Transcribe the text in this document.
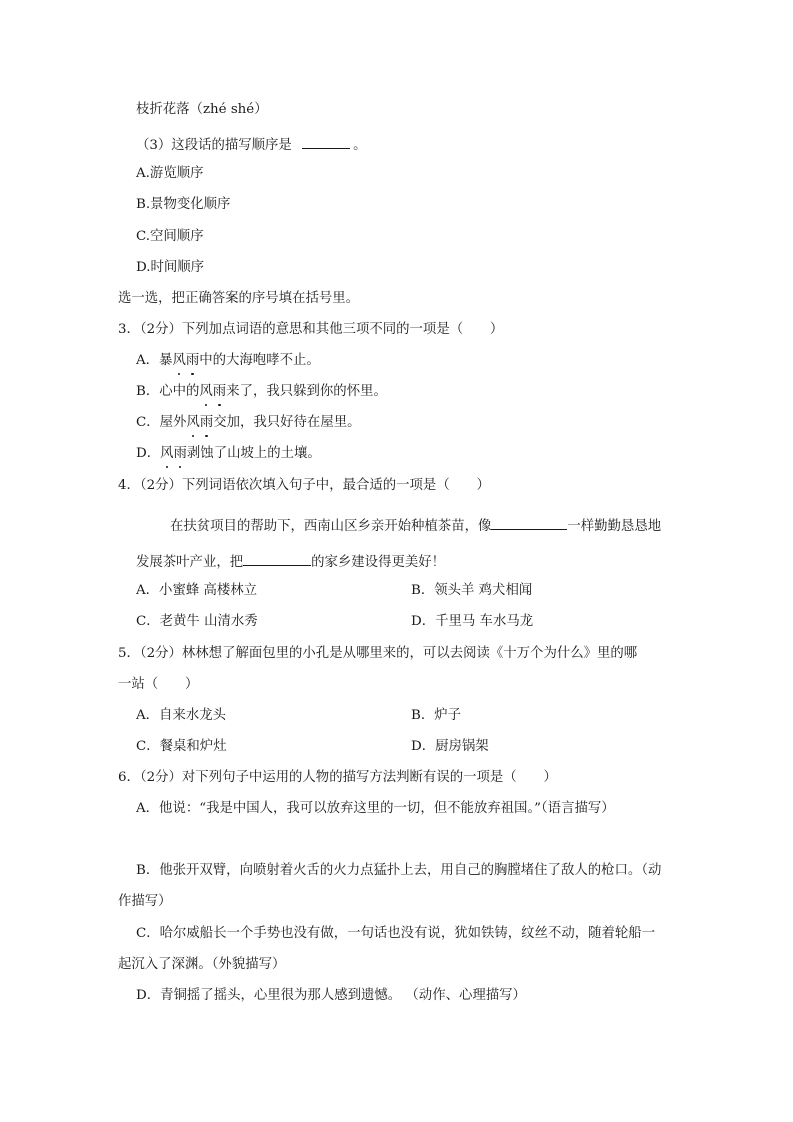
枝折花落（zhé shé）
（3）这段话的描写顺序是	。
A.游览顺序
B.景物变化顺序
C.空间顺序
D.时间顺序
选一选，把正确答案的序号填在括号里。
3．（2分）下列加点词语的意思和其他三项不同的一项是（　　）
A．暴风雨中的大海咆哮不止。
B．心中的风雨来了，我只躲到你的怀里。
C．屋外风雨交加，我只好待在屋里。
D．风雨剥蚀了山坡上的土壤。
4．（2分）下列词语依次填入句子中，最合适的一项是（　　）
在扶贫项目的帮助下，西南山区乡亲开始种植茶苗，像	一样勤勤恳恳地
发展茶叶产业，把	的家乡建设得更美好！
A．小蜜蜂 高楼林立	B．领头羊 鸡犬相闻
C．老黄牛 山清水秀	D．千里马 车水马龙
5．（2分）林林想了解面包里的小孔是从哪里来的，可以去阅读《十万个为什么》里的哪
一站（　　）
A．自来水龙头	B．炉子
C．餐桌和炉灶	D．厨房锅架
6．（2分）对下列句子中运用的人物的描写方法判断有误的一项是（　　）
A．他说：“我是中国人，我可以放弃这里的一切，但不能放弃祖国。”（语言描写）
B．他张开双臂，向喷射着火舌的火力点猛扑上去，用自己的胸膛堵住了敌人的枪口。（动
作描写）
C．哈尔威船长一个手势也没有做，一句话也没有说，犹如铁铸，纹丝不动，随着轮船一
起沉入了深渊。（外貌描写）
D．青铜摇了摇头，心里很为那人感到遗憾。 （动作、心理描写）
